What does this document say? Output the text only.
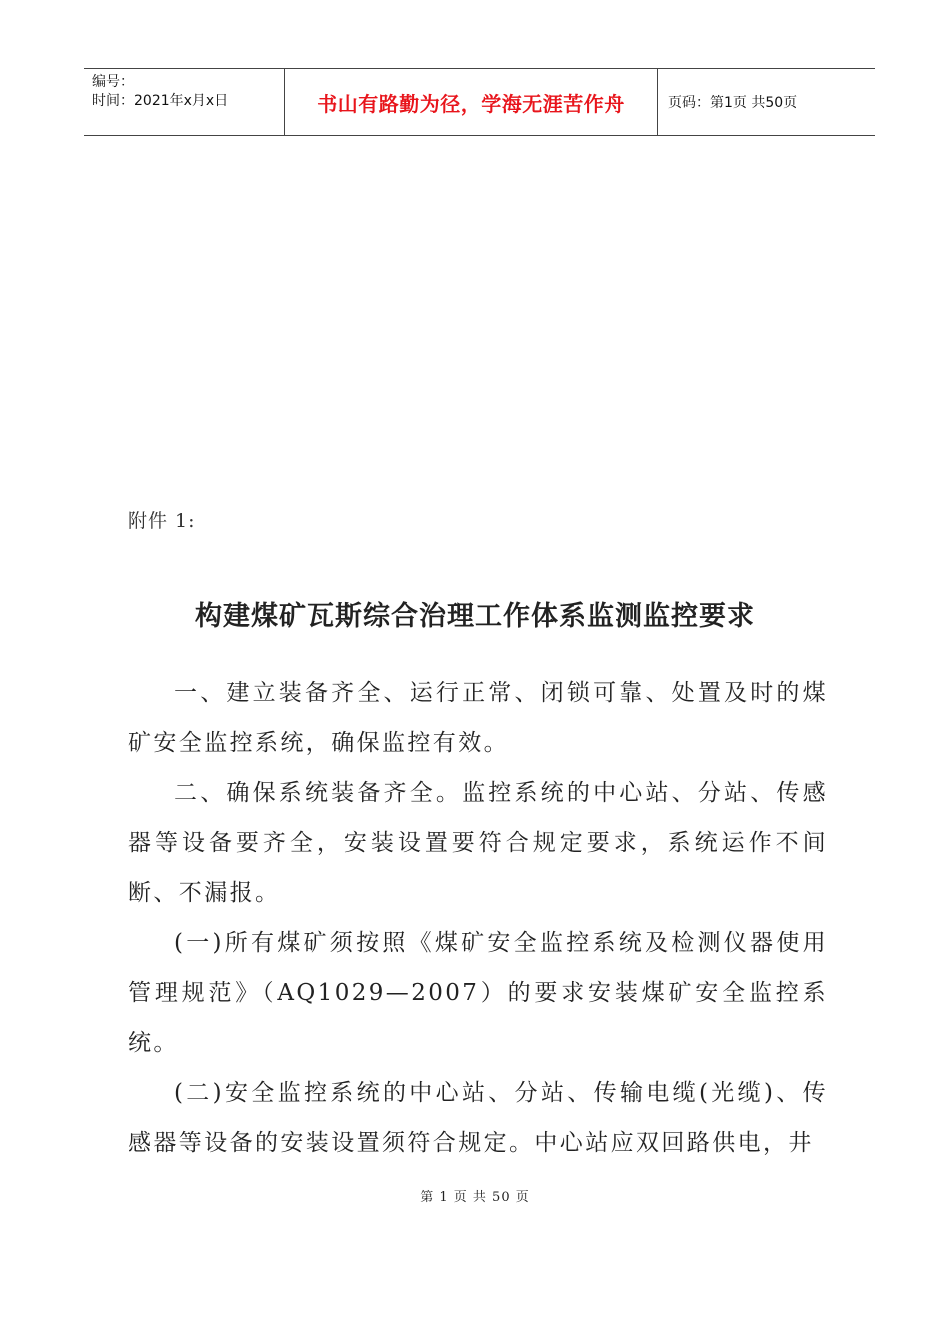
编号：
时间：2021年x月x日	书山有路勤为径，学海无涯苦作舟	页码：第1页 共50页
附件 1:
构建煤矿瓦斯综合治理工作体系监测监控要求

一、建立装备齐全、运行正常、闭锁可靠、处置及时的煤矿安全监控系统，确保监控有效。

二、确保系统装备齐全。监控系统的中心站、分站、传感器等设备要齐全，安装设置要符合规定要求，系统运作不间断、不漏报。

(一)所有煤矿须按照《煤矿安全监控系统及检测仪器使用管理规范》（AQ1029—2007）的要求安装煤矿安全监控系统。

(二)安全监控系统的中心站、分站、传输电缆(光缆)、传感器等设备的安装设置须符合规定。中心站应双回路供电，井

第 1 页 共 50 页
